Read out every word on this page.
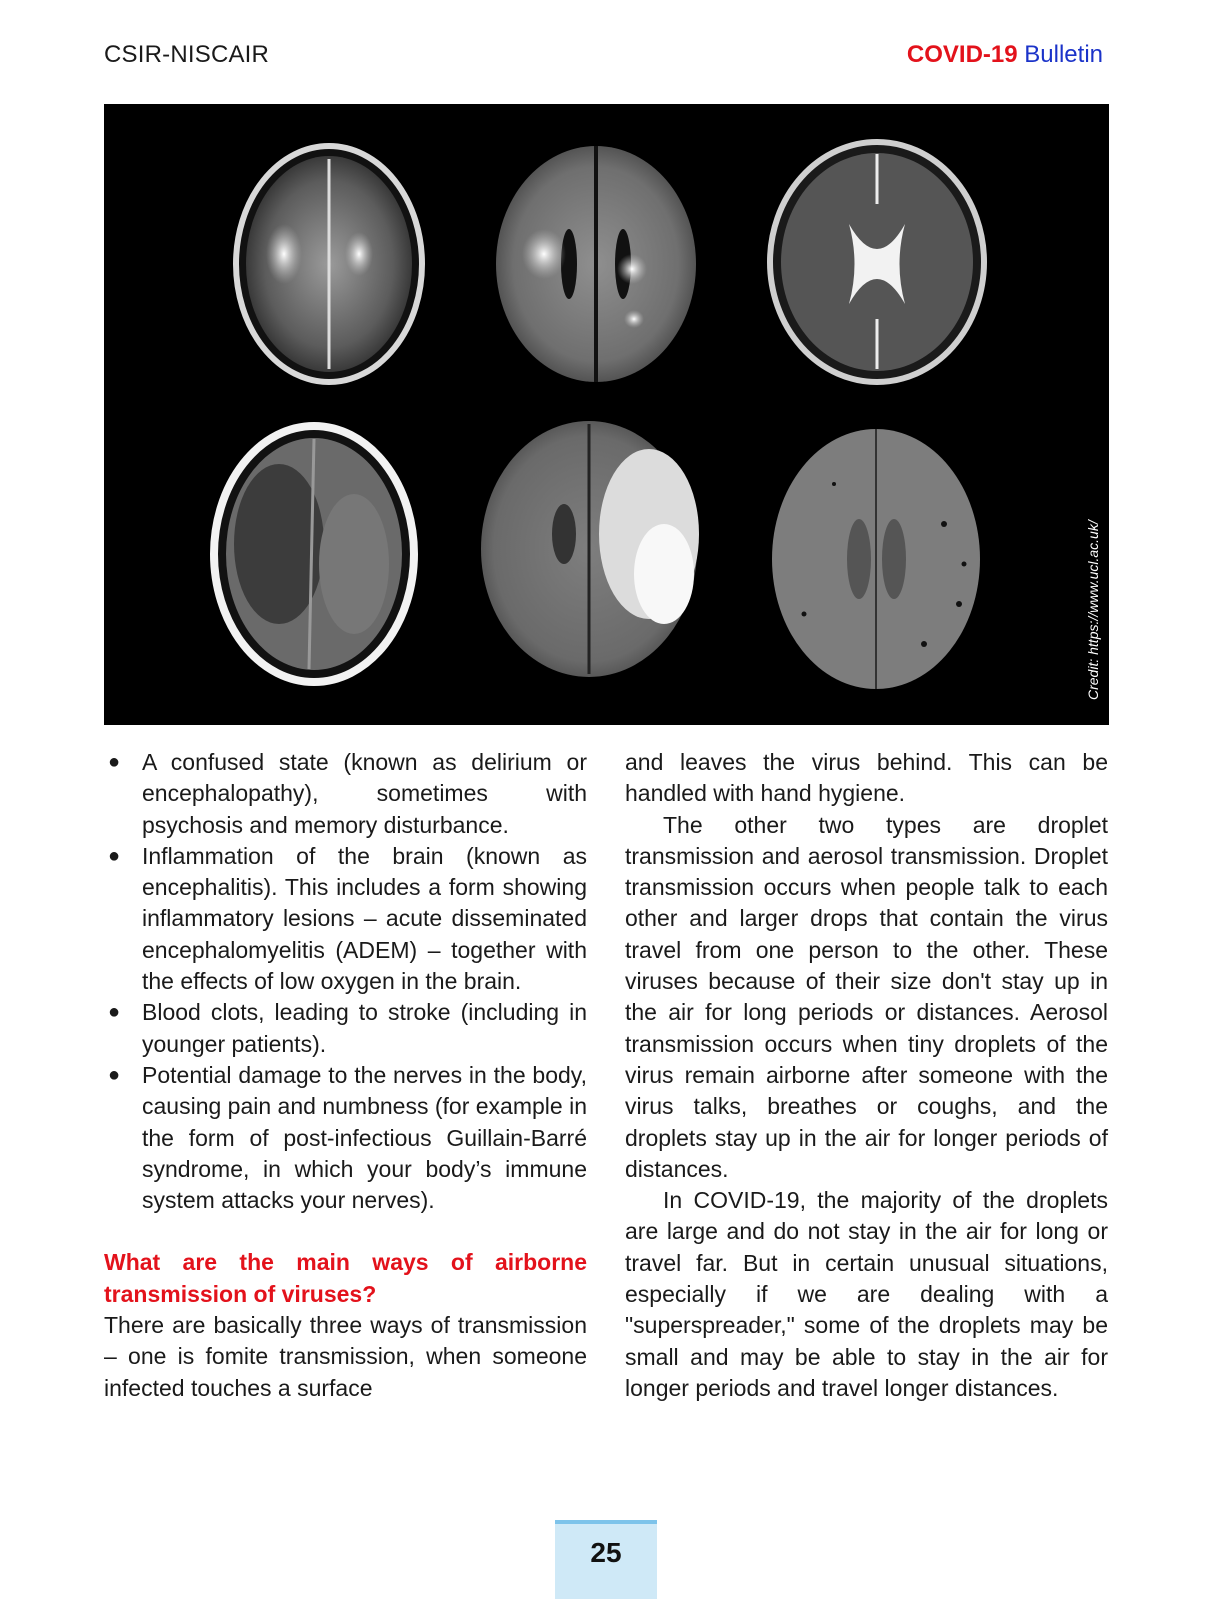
CSIR-NISCAIR	COVID-19 Bulletin
Credit: https://www.ucl.ac.uk/
● A confused state (known as delirium or encephalopathy), sometimes with psychosis and memory disturbance.
● Inflammation of the brain (known as encephalitis). This includes a form showing inflammatory lesions – acute disseminated encephalomyelitis (ADEM) – together with the effects of low oxygen in the brain.
● Blood clots, leading to stroke (including in younger patients).
● Potential damage to the nerves in the body, causing pain and numbness (for example in the form of post-infectious Guillain-Barré syndrome, in which your body’s immune system attacks your nerves).
What are the main ways of airborne transmission of viruses?

There are basically three ways of transmission – one is fomite transmission, when someone infected touches a surface

and leaves the virus behind. This can be handled with hand hygiene.

The other two types are droplet transmission and aerosol transmission. Droplet transmission occurs when people talk to each other and larger drops that contain the virus travel from one person to the other. These viruses because of their size don't stay up in the air for long periods or distances. Aerosol transmission occurs when tiny droplets of the virus remain airborne after someone with the virus talks, breathes or coughs, and the droplets stay up in the air for longer periods of distances.

In COVID-19, the majority of the droplets are large and do not stay in the air for long or travel far. But in certain unusual situations, especially if we are dealing with a "superspreader," some of the droplets may be small and may be able to stay in the air for longer periods and travel longer distances.

25
